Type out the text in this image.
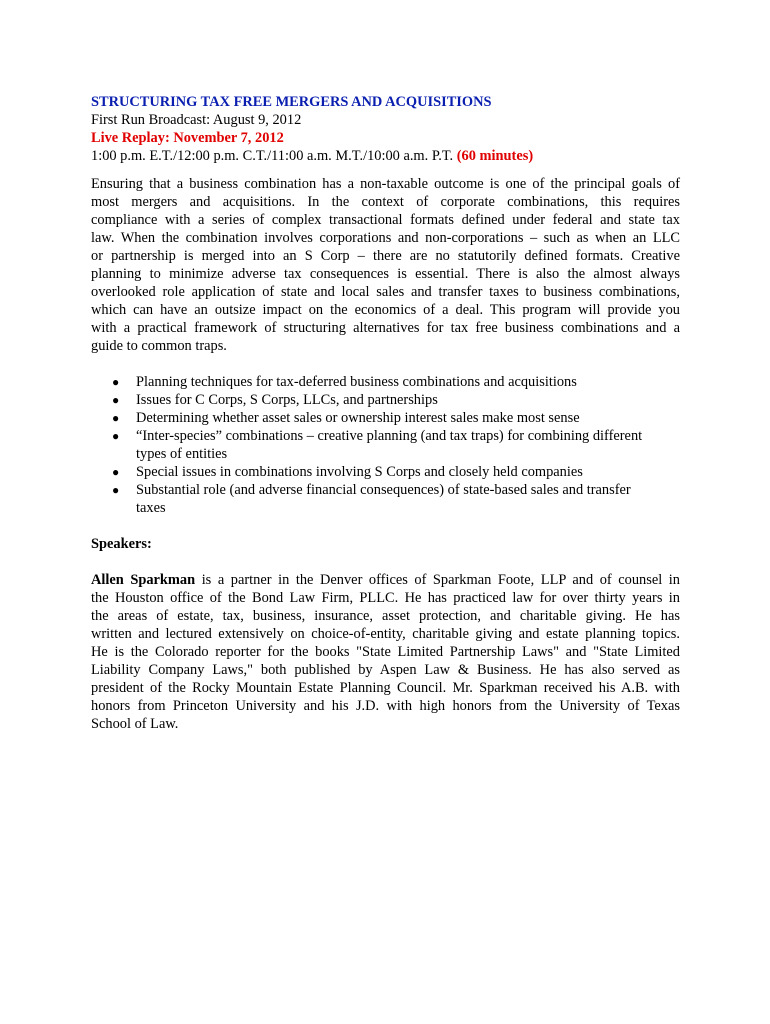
STRUCTURING TAX FREE MERGERS AND ACQUISITIONS
First Run Broadcast: August 9, 2012
Live Replay: November 7, 2012
1:00 p.m. E.T./12:00 p.m. C.T./11:00 a.m. M.T./10:00 a.m. P.T. (60 minutes)
Ensuring that a business combination has a non-taxable outcome is one of the principal goals of
most mergers and acquisitions. In the context of corporate combinations, this requires
compliance with a series of complex transactional formats defined under federal and state tax
law. When the combination involves corporations and non-corporations – such as when an LLC
or partnership is merged into an S Corp – there are no statutorily defined formats. Creative
planning to minimize adverse tax consequences is essential. There is also the almost always
overlooked role application of state and local sales and transfer taxes to business combinations,
which can have an outsize impact on the economics of a deal. This program will provide you
with a practical framework of structuring alternatives for tax free business combinations and a
guide to common traps.
● Planning techniques for tax-deferred business combinations and acquisitions
● Issues for C Corps, S Corps, LLCs, and partnerships
● Determining whether asset sales or ownership interest sales make most sense
● “Inter-species” combinations – creative planning (and tax traps) for combining different
types of entities
● Special issues in combinations involving S Corps and closely held companies
● Substantial role (and adverse financial consequences) of state-based sales and transfer
taxes
Speakers:
Allen Sparkman is a partner in the Denver offices of Sparkman Foote, LLP and of counsel in
the Houston office of the Bond Law Firm, PLLC. He has practiced law for over thirty years in
the areas of estate, tax, business, insurance, asset protection, and charitable giving. He has
written and lectured extensively on choice-of-entity, charitable giving and estate planning topics.
He is the Colorado reporter for the books "State Limited Partnership Laws" and "State Limited
Liability Company Laws," both published by Aspen Law & Business. He has also served as
president of the Rocky Mountain Estate Planning Council. Mr. Sparkman received his A.B. with
honors from Princeton University and his J.D. with high honors from the University of Texas
School of Law.
